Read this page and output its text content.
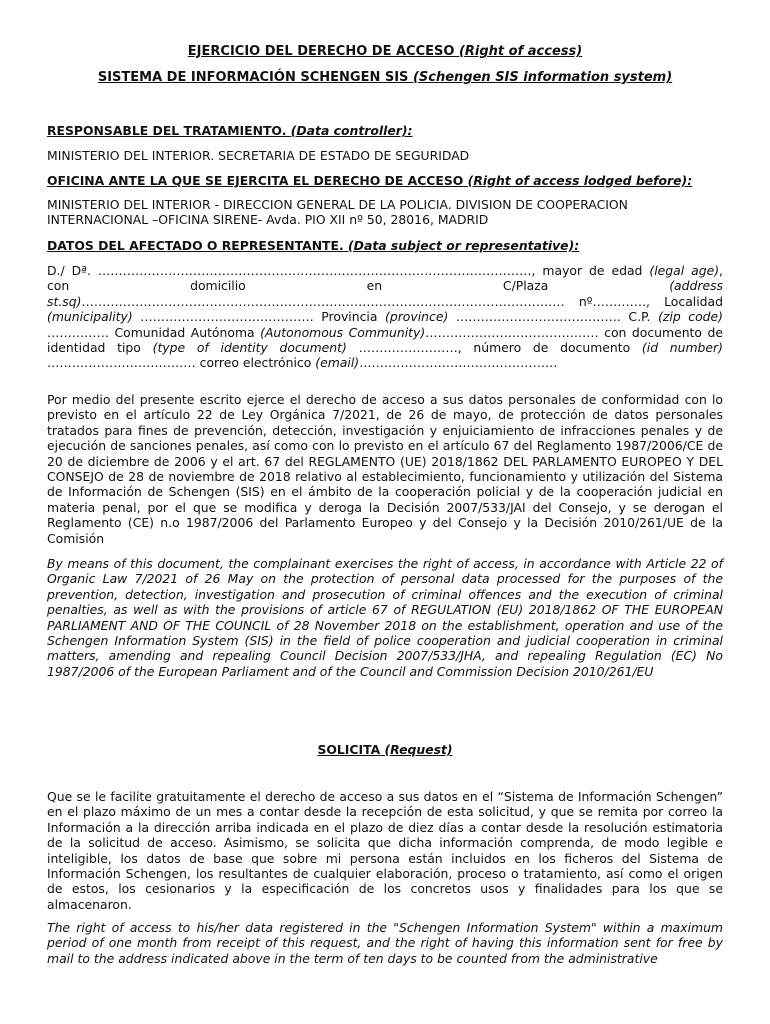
EJERCICIO DEL DERECHO DE ACCESO (Right of access)
SISTEMA DE INFORMACIÓN SCHENGEN SIS (Schengen SIS information system)
RESPONSABLE DEL TRATAMIENTO. (Data controller):
MINISTERIO DEL INTERIOR. SECRETARIA DE ESTADO DE SEGURIDAD
OFICINA ANTE LA QUE SE EJERCITA EL DERECHO DE ACCESO (Right of access lodged before):
MINISTERIO DEL INTERIOR - DIRECCION GENERAL DE LA POLICIA. DIVISION DE COOPERACION INTERNACIONAL –OFICINA SIRENE- Avda. PIO XII nº 50, 28016, MADRID
DATOS DEL AFECTADO O REPRESENTANTE. (Data subject or representative):
D./ Dª. ……………………………………………………………………………………………, mayor de edad (legal age), con domicilio en C/Plaza (address st.sq)……………………………………………………………………………………………………… nº…………., Localidad (municipality) …………………………………… Provincia (province) …………………………………. C.P. (zip code) …………… Comunidad Autónoma (Autonomous Community)…………………………………… con documento de identidad tipo (type of identity document) ……………………, número de documento (id number) ……………………………… correo electrónico (email)…………………………………………
Por medio del presente escrito ejerce el derecho de acceso a sus datos personales de conformidad con lo previsto en el artículo 22 de Ley Orgánica 7/2021, de 26 de mayo, de protección de datos personales tratados para fines de prevención, detección, investigación y enjuiciamiento de infracciones penales y de ejecución de sanciones penales, así como con lo previsto en el artículo 67 del Reglamento 1987/2006/CE de 20 de diciembre de 2006 y el art. 67 del REGLAMENTO (UE) 2018/1862 DEL PARLAMENTO EUROPEO Y DEL CONSEJO de 28 de noviembre de 2018 relativo al establecimiento, funcionamiento y utilización del Sistema de Información de Schengen (SIS) en el ámbito de la cooperación policial y de la cooperación judicial en materia penal, por el que se modifica y deroga la Decisión 2007/533/JAI del Consejo, y se derogan el Reglamento (CE) n.o 1987/2006 del Parlamento Europeo y del Consejo y la Decisión 2010/261/UE de la Comisión
By means of this document, the complainant exercises the right of access, in accordance with Article 22 of Organic Law 7/2021 of 26 May on the protection of personal data processed for the purposes of the prevention, detection, investigation and prosecution of criminal offences and the execution of criminal penalties, as well as with the provisions of article 67 of REGULATION (EU) 2018/1862 OF THE EUROPEAN PARLIAMENT AND OF THE COUNCIL of 28 November 2018 on the establishment, operation and use of the Schengen Information System (SIS) in the field of police cooperation and judicial cooperation in criminal matters, amending and repealing Council Decision 2007/533/JHA, and repealing Regulation (EC) No 1987/2006 of the European Parliament and of the Council and Commission Decision 2010/261/EU
SOLICITA (Request)
Que se le facilite gratuitamente el derecho de acceso a sus datos en el “Sistema de Información Schengen” en el plazo máximo de un mes a contar desde la recepción de esta solicitud, y que se remita por correo la Información a la dirección arriba indicada en el plazo de diez días a contar desde la resolución estimatoria de la solicitud de acceso. Asimismo, se solicita que dicha información comprenda, de modo legible e inteligible, los datos de base que sobre mi persona están incluidos en los ficheros del Sistema de Información Schengen, los resultantes de cualquier elaboración, proceso o tratamiento, así como el origen de estos, los cesionarios y la especificación de los concretos usos y finalidades para los que se almacenaron.
The right of access to his/her data registered in the "Schengen Information System" within a maximum period of one month from receipt of this request, and the right of having this information sent for free by mail to the address indicated above in the term of ten days to be counted from the administrative
